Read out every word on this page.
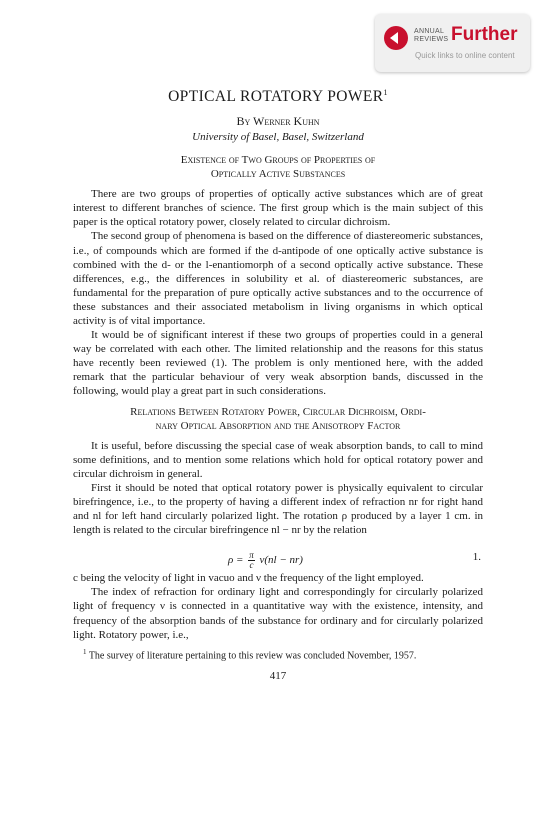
ANNUAL
REVIEWS Further
Quick links to online content
OPTICAL ROTATORY POWER$^1$
By Werner Kuhn
University of Basel, Basel, Switzerland
Existence of Two Groups of Properties of
Optically Active Substances

There are two groups of properties of optically active substances which are of great interest to different branches of science. The first group which is the main subject of this paper is the optical rotatory power, closely related to circular dichroism.

The second group of phenomena is based on the difference of diastereomeric substances, i.e., of compounds which are formed if the d-antipode of one optically active substance is combined with the d- or the l-enantiomorph of a second optically active substance. These differences, e.g., the differences in solubility et al. of diastereomeric substances, are fundamental for the preparation of pure optically active substances and to the occurrence of these substances and their associated metabolism in living organisms in which optical activity is of vital importance.

It would be of significant interest if these two groups of properties could in a general way be correlated with each other. The limited relationship and the reasons for this status have recently been reviewed (1). The problem is only mentioned here, with the added remark that the particular behaviour of very weak absorption bands, discussed in the following, would play a great part in such considerations.

Relations Between Rotatory Power, Circular Dichroism, Ordi-
nary Optical Absorption and the Anisotropy Factor

It is useful, before discussing the special case of weak absorption bands, to call to mind some definitions, and to mention some relations which hold for optical rotatory power and circular dichroism in general.

First it should be noted that optical rotatory power is physically equivalent to circular birefringence, i.e., to the property of having a different index of refraction nr for right hand and nl for left hand circularly polarized light. The rotation ρ produced by a layer 1 cm. in length is related to the circular birefringence nl − nr by the relation

$\rho = \frac{\pi}{c} \nu(nl - nr)$	1.

c being the velocity of light in vacuo and ν the frequency of the light employed.

The index of refraction for ordinary light and correspondingly for circularly polarized light of frequency ν is connected in a quantitative way with the existence, intensity, and frequency of the absorption bands of the substance for ordinary and for circularly polarized light. Rotatory power, i.e.,

$^1$ The survey of literature pertaining to this review was concluded November, 1957.
417
